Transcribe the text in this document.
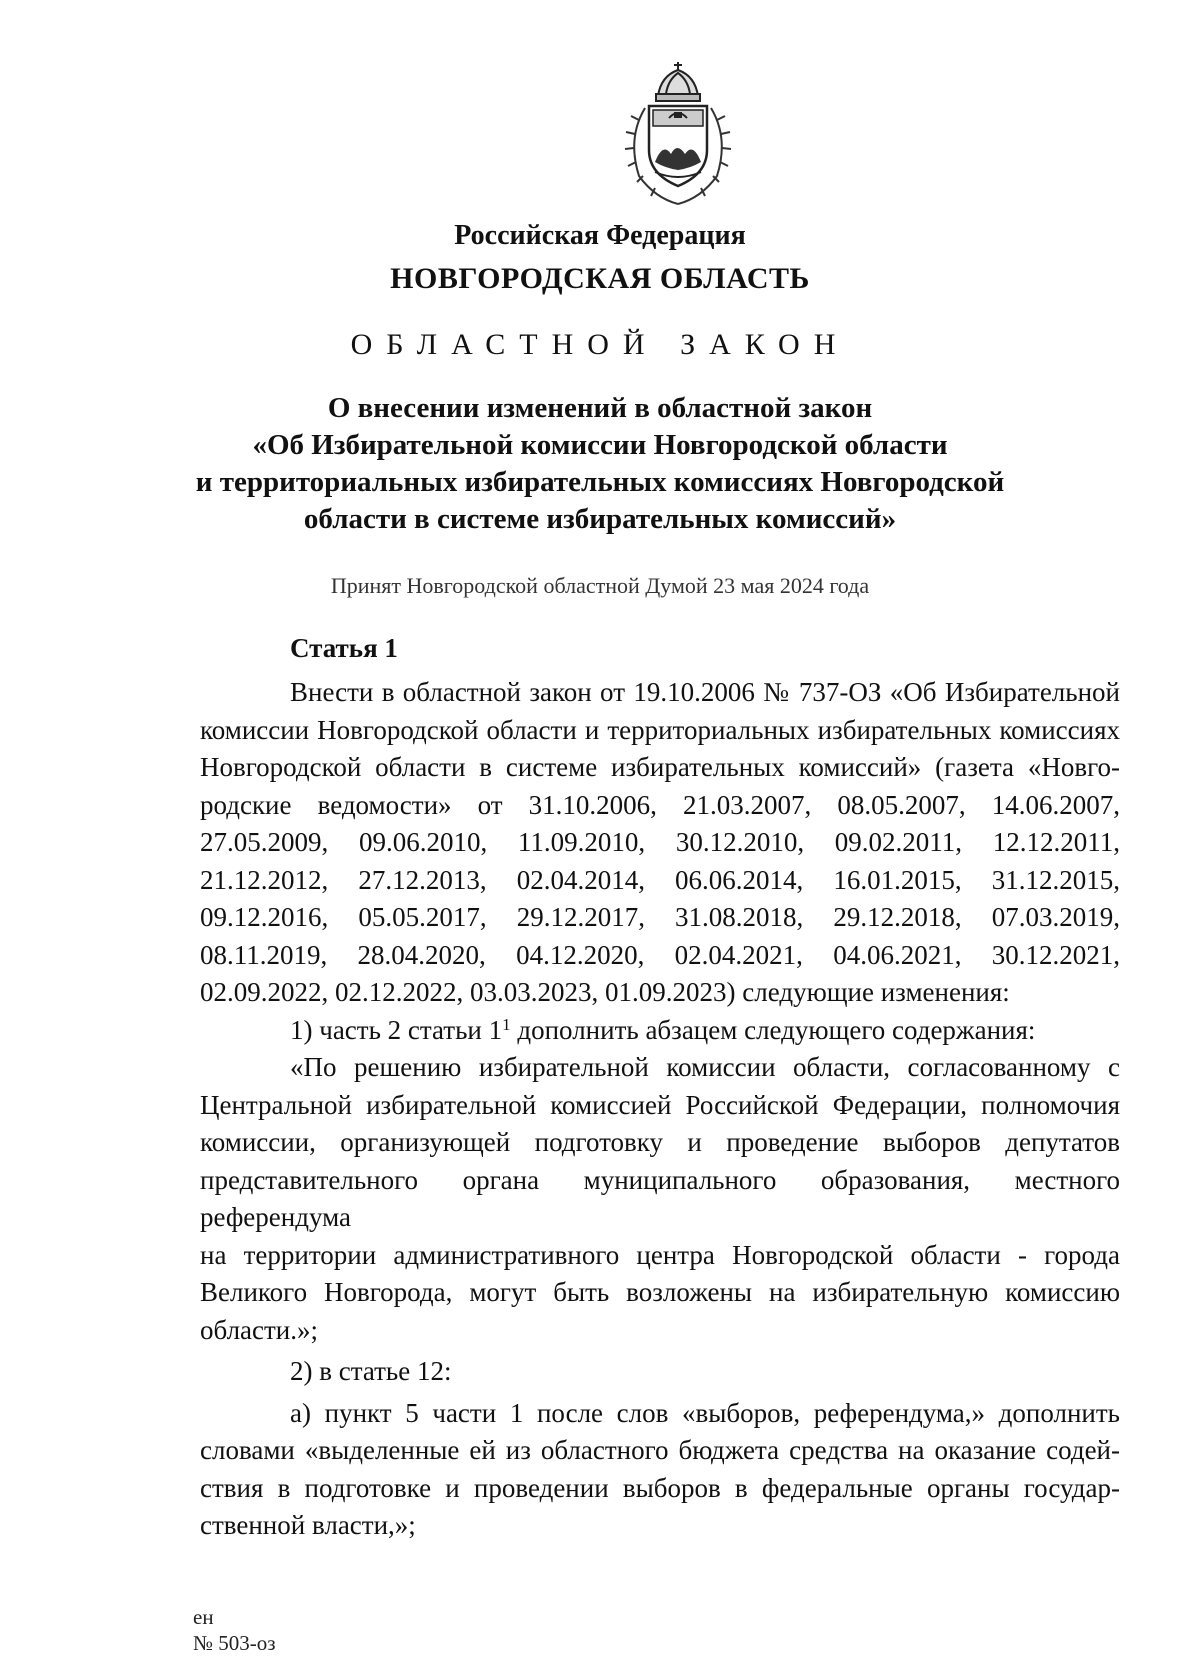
Российская Федерация
НОВГОРОДСКАЯ ОБЛАСТЬ
ОБЛАСТНОЙ ЗАКОН
О внесении изменений в областной закон
«Об Избирательной комиссии Новгородской области
и территориальных избирательных комиссиях Новгородской
области в системе избирательных комиссий»
Принят Новгородской областной Думой 23 мая 2024 года
Статья 1
Внести в областной закон от 19.10.2006 № 737-ОЗ «Об Избирательной
комиссии Новгородской области и территориальных избирательных комиссиях
Новгородской области в системе избирательных комиссий» (газета «Новго-
родские ведомости» от 31.10.2006, 21.03.2007, 08.05.2007, 14.06.2007,
27.05.2009, 09.06.2010, 11.09.2010, 30.12.2010, 09.02.2011, 12.12.2011,
21.12.2012, 27.12.2013, 02.04.2014, 06.06.2014, 16.01.2015, 31.12.2015,
09.12.2016, 05.05.2017, 29.12.2017, 31.08.2018, 29.12.2018, 07.03.2019,
08.11.2019, 28.04.2020, 04.12.2020, 02.04.2021, 04.06.2021, 30.12.2021,
02.09.2022, 02.12.2022, 03.03.2023, 01.09.2023) следующие изменения:
1) часть 2 статьи $1^1$ дополнить абзацем следующего содержания:
«По решению избирательной комиссии области, согласованному с
Центральной избирательной комиссией Российской Федерации, полномочия
комиссии, организующей подготовку и проведение выборов депутатов
представительного органа муниципального образования, местного референдума
на территории административного центра Новгородской области - города
Великого Новгорода, могут быть возложены на избирательную комиссию
области.»;
2) в статье 12:
а) пункт 5 части 1 после слов «выборов, референдума,» дополнить
словами «выделенные ей из областного бюджета средства на оказание содей-
ствия в подготовке и проведении выборов в федеральные органы государ-
ственной власти,»;
ен
№ 503-оз
